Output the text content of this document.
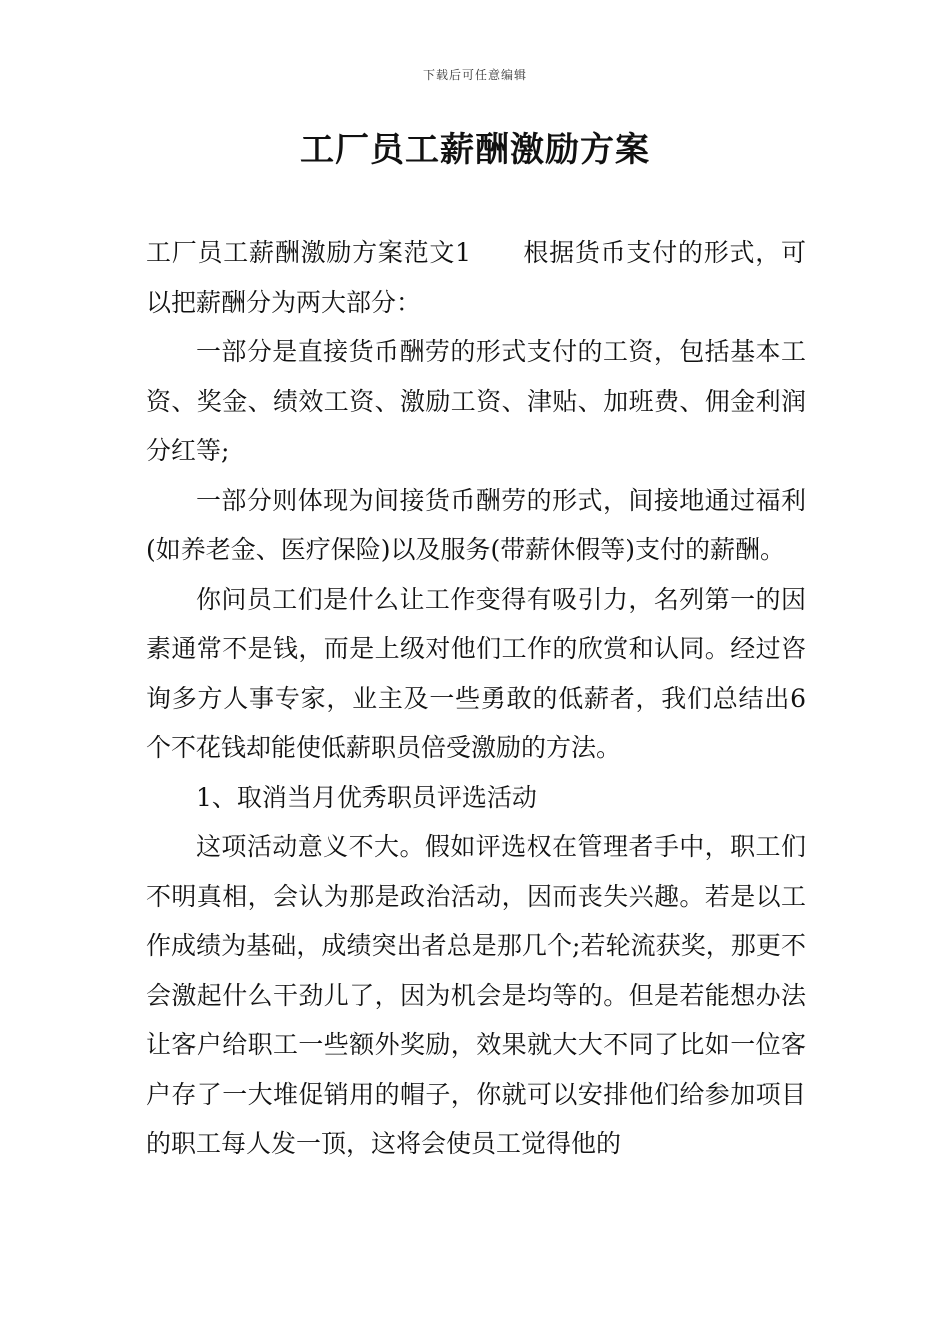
下载后可任意编辑
工厂员工薪酬激励方案

工厂员工薪酬激励方案范文1　　根据货币支付的形式，可以把薪酬分为两大部分：

一部分是直接货币酬劳的形式支付的工资，包括基本工资、奖金、绩效工资、激励工资、津贴、加班费、佣金利润分红等;

一部分则体现为间接货币酬劳的形式，间接地通过福利(如养老金、医疗保险)以及服务(带薪休假等)支付的薪酬。

你问员工们是什么让工作变得有吸引力，名列第一的因素通常不是钱，而是上级对他们工作的欣赏和认同。经过咨询多方人事专家，业主及一些勇敢的低薪者，我们总结出6个不花钱却能使低薪职员倍受激励的方法。

1、取消当月优秀职员评选活动

这项活动意义不大。假如评选权在管理者手中，职工们不明真相，会认为那是政治活动，因而丧失兴趣。若是以工作成绩为基础，成绩突出者总是那几个;若轮流获奖，那更不会激起什么干劲儿了，因为机会是均等的。但是若能想办法让客户给职工一些额外奖励，效果就大大不同了比如一位客户存了一大堆促销用的帽子，你就可以安排他们给参加项目的职工每人发一顶，这将会使员工觉得他的
